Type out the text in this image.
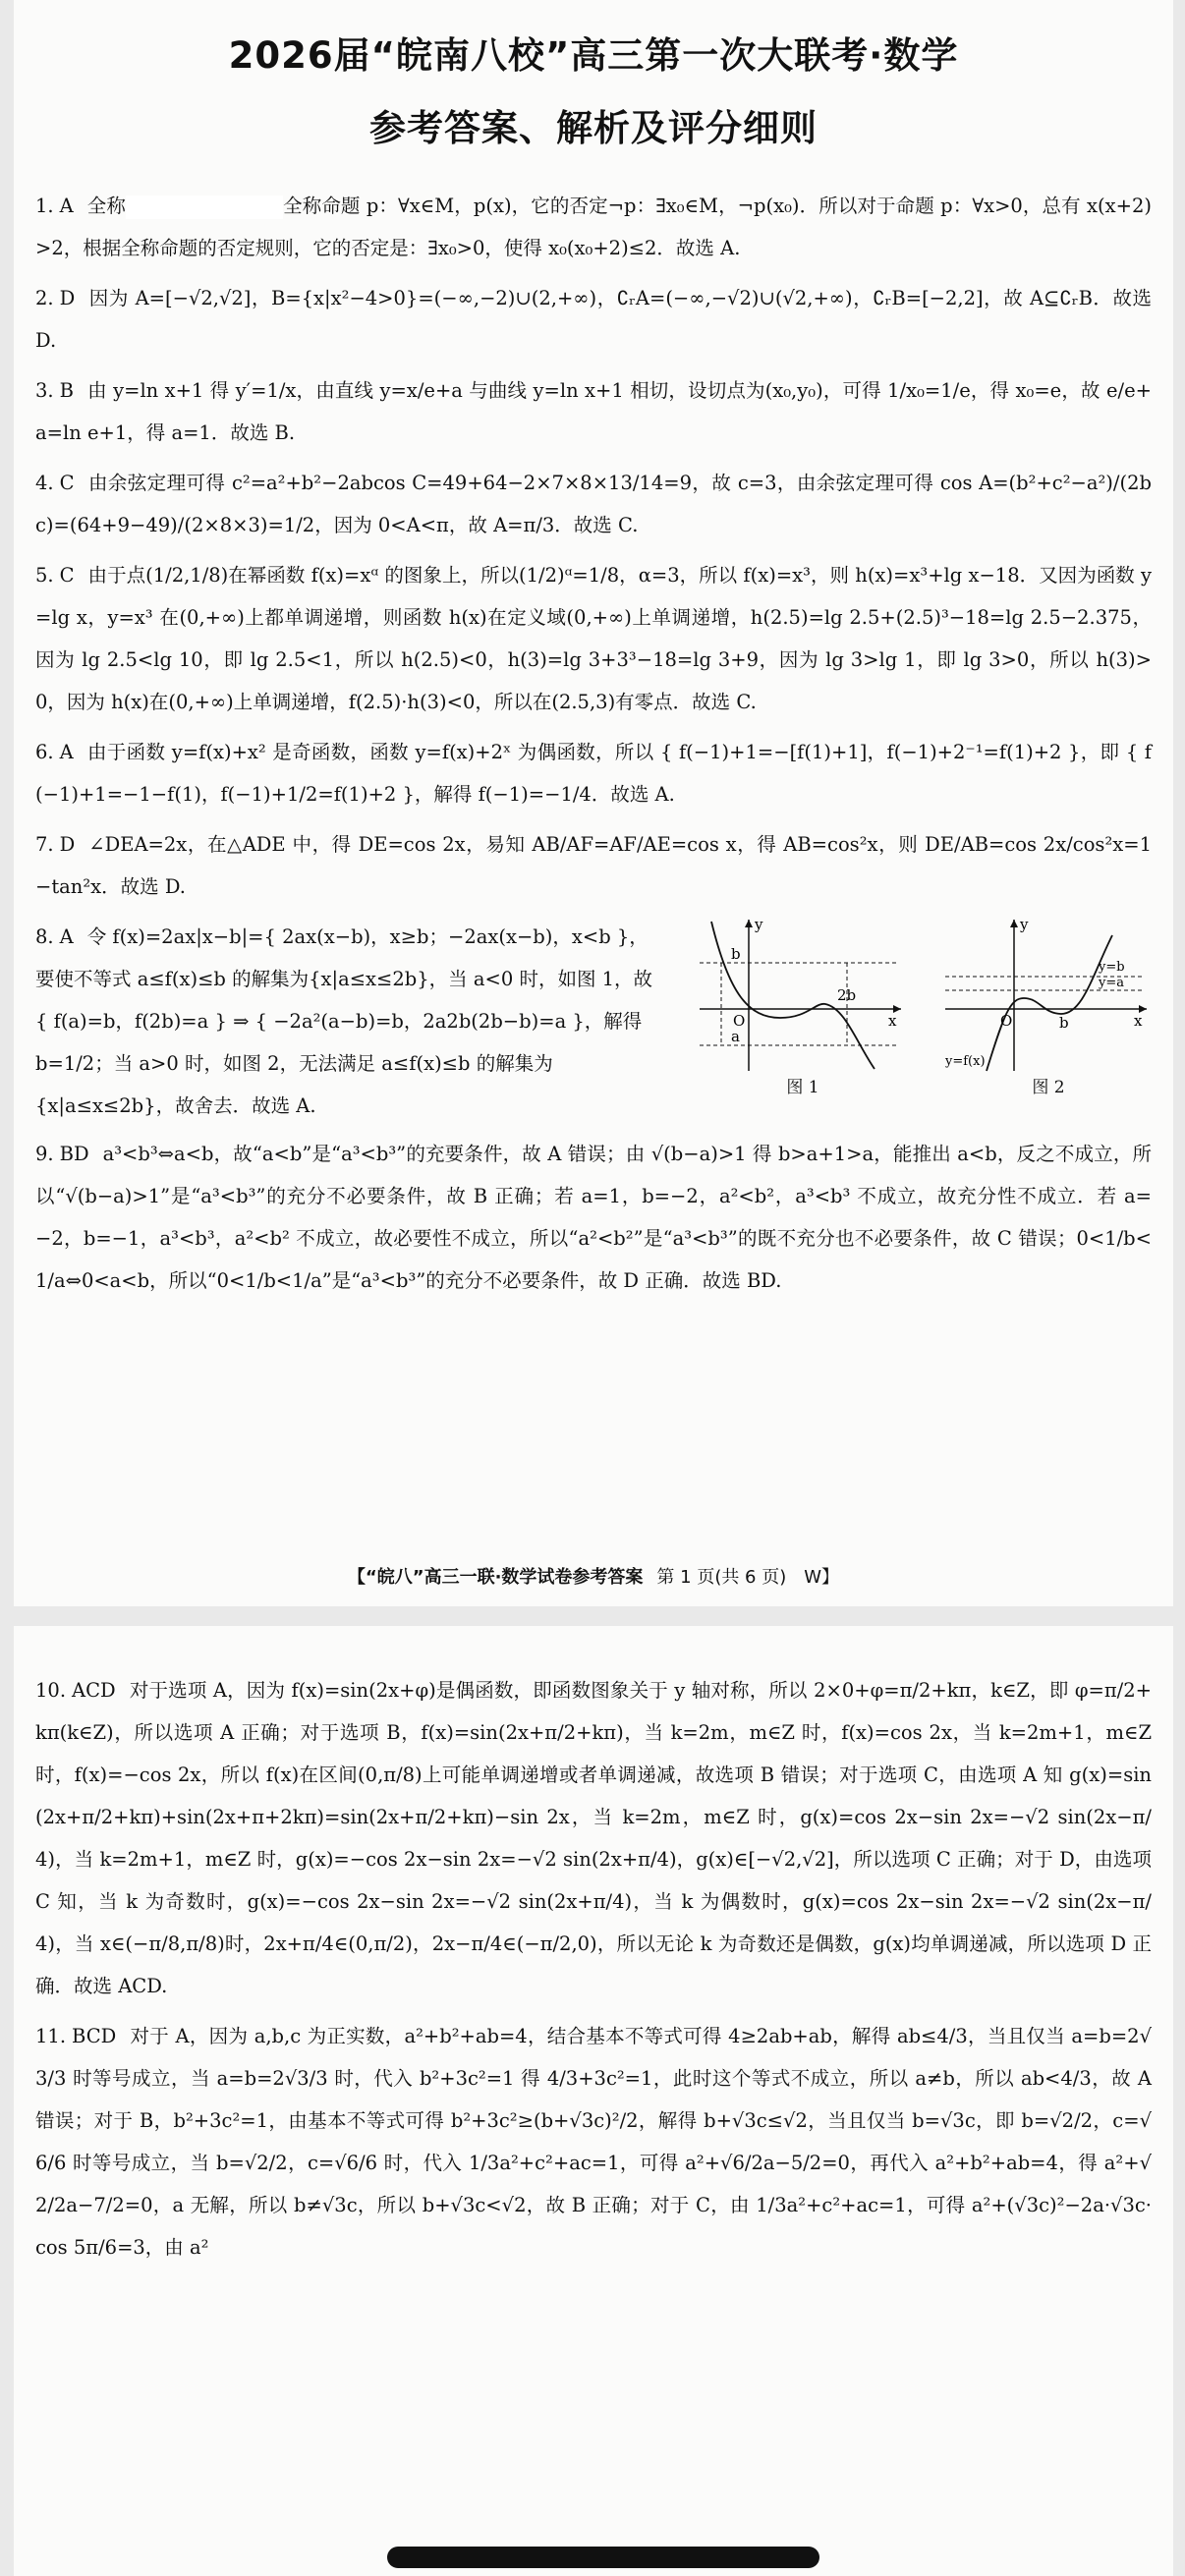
2026届“皖南八校”高三第一次大联考·数学
参考答案、解析及评分细则

1. A 全称	全称命题 p：∀x∈M，p(x)，它的否定¬p：∃x₀∈M，¬p(x₀)．所以对于命题 p：∀x>0，总有 x(x+2)>2，根据全称命题的否定规则，它的否定是：∃x₀>0，使得 x₀(x₀+2)≤2．故选 A.

2. D 因为 A=[−√2,√2]，B={x|x²−4>0}=(−∞,−2)∪(2,+∞)，∁ᵣA=(−∞,−√2)∪(√2,+∞)，∁ᵣB=[−2,2]，故 A⊆∁ᵣB．故选 D.

3. B 由 y=ln x+1 得 y′=1/x，由直线 y=x/e+a 与曲线 y=ln x+1 相切，设切点为(x₀,y₀)，可得 1/x₀=1/e，得 x₀=e，故 e/e+a=ln e+1，得 a=1．故选 B.

4. C 由余弦定理可得 c²=a²+b²−2abcos C=49+64−2×7×8×13/14=9，故 c=3，由余弦定理可得 cos A=(b²+c²−a²)/(2bc)=(64+9−49)/(2×8×3)=1/2，因为 0<A<π，故 A=π/3．故选 C.

5. C 由于点(1/2,1/8)在幂函数 f(x)=xᵅ 的图象上，所以(1/2)ᵅ=1/8，α=3，所以 f(x)=x³，则 h(x)=x³+lg x−18．又因为函数 y=lg x，y=x³ 在(0,+∞)上都单调递增，则函数 h(x)在定义域(0,+∞)上单调递增，h(2.5)=lg 2.5+(2.5)³−18=lg 2.5−2.375，因为 lg 2.5<lg 10，即 lg 2.5<1，所以 h(2.5)<0，h(3)=lg 3+3³−18=lg 3+9，因为 lg 3>lg 1，即 lg 3>0，所以 h(3)>0，因为 h(x)在(0,+∞)上单调递增，f(2.5)·h(3)<0，所以在(2.5,3)有零点．故选 C.

6. A 由于函数 y=f(x)+x² 是奇函数，函数 y=f(x)+2ˣ 为偶函数，所以 { f(−1)+1=−[f(1)+1]，f(−1)+2⁻¹=f(1)+2 }，即 { f(−1)+1=−1−f(1)，f(−1)+1/2=f(1)+2 }，解得 f(−1)=−1/4．故选 A.

7. D ∠DEA=2x，在△ADE 中，得 DE=cos 2x，易知 AB/AF=AF/AE=cos x，得 AB=cos²x，则 DE/AB=cos 2x/cos²x=1−tan²x．故选 D.

8. A 令 f(x)=2ax|x−b|={ 2ax(x−b)，x≥b；−2ax(x−b)，x<b }，要使不等式 a≤f(x)≤b 的解集为{x|a≤x≤2b}，当 a<0 时，如图 1，故 { f(a)=b，f(2b)=a } ⇒ { −2a²(a−b)=b，2a2b(2b−b)=a }，解得 b=1/2；当 a>0 时，如图 2，无法满足 a≤f(x)≤b 的解集为{x|a≤x≤2b}，故舍去．故选 A.
y
b
a
O
2b
x
图 1
y
y=b
y=a
O	b	x
y=f(x)
图 2

9. BD a³<b³⇔a<b，故“a<b”是“a³<b³”的充要条件，故 A 错误；由 √(b−a)>1 得 b>a+1>a，能推出 a<b，反之不成立，所以“√(b−a)>1”是“a³<b³”的充分不必要条件，故 B 正确；若 a=1，b=−2，a²<b²，a³<b³ 不成立，故充分性不成立．若 a=−2，b=−1，a³<b³，a²<b² 不成立，故必要性不成立，所以“a²<b²”是“a³<b³”的既不充分也不必要条件，故 C 错误；0<1/b<1/a⇔0<a<b，所以“0<1/b<1/a”是“a³<b³”的充分不必要条件，故 D 正确．故选 BD.

【“皖八”高三一联·数学试卷参考答案 第 1 页(共 6 页)　W】

10. ACD 对于选项 A，因为 f(x)=sin(2x+φ)是偶函数，即函数图象关于 y 轴对称，所以 2×0+φ=π/2+kπ，k∈Z，即 φ=π/2+kπ(k∈Z)，所以选项 A 正确；对于选项 B，f(x)=sin(2x+π/2+kπ)，当 k=2m，m∈Z 时，f(x)=cos 2x，当 k=2m+1，m∈Z 时，f(x)=−cos 2x，所以 f(x)在区间(0,π/8)上可能单调递增或者单调递减，故选项 B 错误；对于选项 C，由选项 A 知 g(x)=sin(2x+π/2+kπ)+sin(2x+π+2kπ)=sin(2x+π/2+kπ)−sin 2x，当 k=2m，m∈Z 时，g(x)=cos 2x−sin 2x=−√2 sin(2x−π/4)，当 k=2m+1，m∈Z 时，g(x)=−cos 2x−sin 2x=−√2 sin(2x+π/4)，g(x)∈[−√2,√2]，所以选项 C 正确；对于 D，由选项 C 知，当 k 为奇数时，g(x)=−cos 2x−sin 2x=−√2 sin(2x+π/4)，当 k 为偶数时，g(x)=cos 2x−sin 2x=−√2 sin(2x−π/4)，当 x∈(−π/8,π/8)时，2x+π/4∈(0,π/2)，2x−π/4∈(−π/2,0)，所以无论 k 为奇数还是偶数，g(x)均单调递减，所以选项 D 正确．故选 ACD.

11. BCD 对于 A，因为 a,b,c 为正实数，a²+b²+ab=4，结合基本不等式可得 4≥2ab+ab，解得 ab≤4/3，当且仅当 a=b=2√3/3 时等号成立，当 a=b=2√3/3 时，代入 b²+3c²=1 得 4/3+3c²=1，此时这个等式不成立，所以 a≠b，所以 ab<4/3，故 A 错误；对于 B，b²+3c²=1，由基本不等式可得 b²+3c²≥(b+√3c)²/2，解得 b+√3c≤√2，当且仅当 b=√3c，即 b=√2/2，c=√6/6 时等号成立，当 b=√2/2，c=√6/6 时，代入 1/3a²+c²+ac=1，可得 a²+√6/2a−5/2=0，再代入 a²+b²+ab=4，得 a²+√2/2a−7/2=0，a 无解，所以 b≠√3c，所以 b+√3c<√2，故 B 正确；对于 C，由 1/3a²+c²+ac=1，可得 a²+(√3c)²−2a·√3c·cos 5π/6=3，由 a²
